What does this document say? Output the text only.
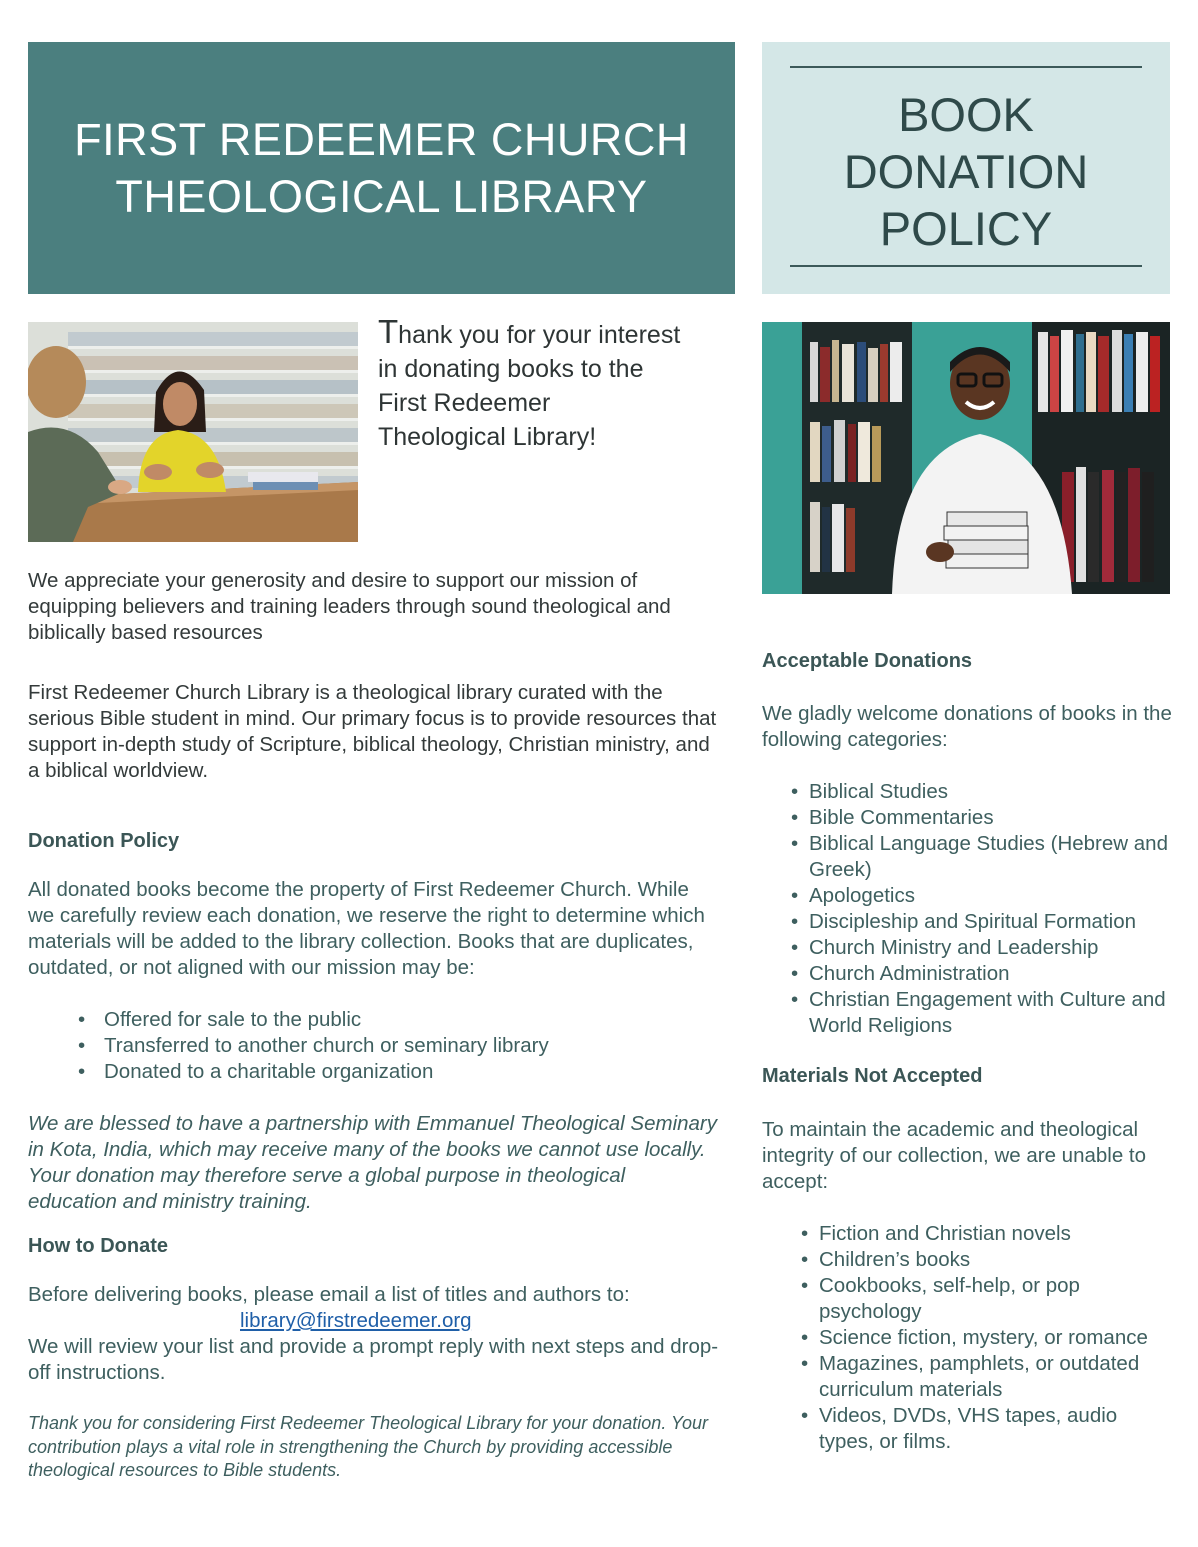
FIRST REDEEMER CHURCH
THEOLOGICAL LIBRARY
BOOK
DONATION
POLICY
Thank you for your interest
in donating books to the
First Redeemer
Theological Library!
We appreciate your generosity and desire to support our mission of equipping believers and training leaders through sound theological and biblically based resources
First Redeemer Church Library is a theological library curated with the serious Bible student in mind. Our primary focus is to provide resources that support in-depth study of Scripture, biblical theology, Christian ministry, and a biblical worldview.
Donation Policy
All donated books become the property of First Redeemer Church. While we carefully review each donation, we reserve the right to determine which materials will be added to the library collection. Books that are duplicates, outdated, or not aligned with our mission may be:
• Offered for sale to the public
• Transferred to another church or seminary library
• Donated to a charitable organization
We are blessed to have a partnership with Emmanuel Theological Seminary in Kota, India, which may receive many of the books we cannot use locally. Your donation may therefore serve a global purpose in theological education and ministry training.
How to Donate
Before delivering books, please email a list of titles and authors to:
library@firstredeemer.org
We will review your list and provide a prompt reply with next steps and drop-off instructions.
Thank you for considering First Redeemer Theological Library for your donation. Your contribution plays a vital role in strengthening the Church by providing accessible theological resources to Bible students.
Acceptable Donations
We gladly welcome donations of books in the following categories:
• Biblical Studies
• Bible Commentaries
• Biblical Language Studies (Hebrew and Greek)
• Apologetics
• Discipleship and Spiritual Formation
• Church Ministry and Leadership
• Church Administration
• Christian Engagement with Culture and World Religions
Materials Not Accepted
To maintain the academic and theological integrity of our collection, we are unable to accept:
• Fiction and Christian novels
• Children’s books
• Cookbooks, self-help, or pop psychology
• Science fiction, mystery, or romance
• Magazines, pamphlets, or outdated curriculum materials
• Videos, DVDs, VHS tapes, audio types, or films.
